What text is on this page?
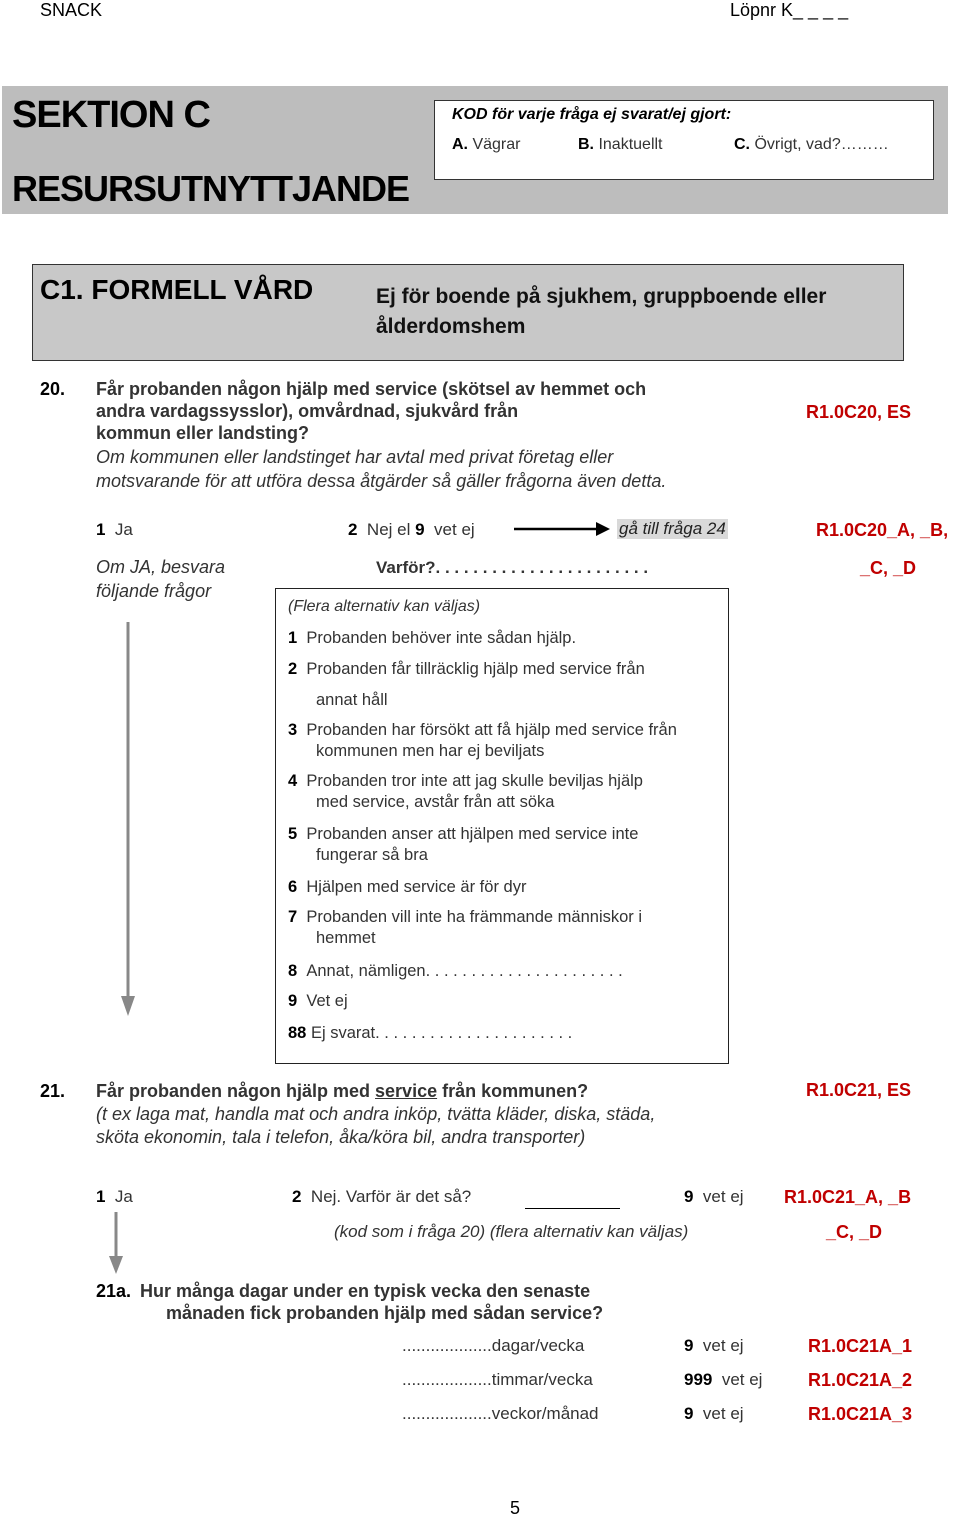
SNACK	Löpnr K_ _ _ _
SEKTION C
RESURSUTNYTTJANDE
KOD för varje fråga ej svarat/ej gjort:
A. Vägrar	B. Inaktuellt	C. Övrigt, vad?………
C1. FORMELL VÅRD	Ej för boende på sjukhem, gruppboende eller ålderdomshem
20. Får probanden någon hjälp med service (skötsel av hemmet och
andra vardagssysslor), omvårdnad, sjukvård från
kommun eller landsting?
Om kommunen eller landstinget har avtal med privat företag eller
motsvarande för att utföra dessa åtgärder så gäller frågorna även detta.
R1.0C20, ES
1 Ja	2 Nej el 9 vet ej	gå till fråga 24	R1.0C20_A, _B,
_C, _D
Om JA, besvara
följande frågor
Varför?. . . . . . . . . . . . . . . . . . . . . . .
(Flera alternativ kan väljas)
1 Probanden behöver inte sådan hjälp.
2 Probanden får tillräcklig hjälp med service från
annat håll
3 Probanden har försökt att få hjälp med service från
kommunen men har ej beviljats
4 Probanden tror inte att jag skulle beviljas hjälp
med service, avstår från att söka
5 Probanden anser att hjälpen med service inte
fungerar så bra
6 Hjälpen med service är för dyr
7 Probanden vill inte ha främmande människor i
hemmet
8 Annat, nämligen. . . . . . . . . . . . . . . . . . . . . .
9 Vet ej
88 Ej svarat. . . . . . . . . . . . . . . . . . . . . .
21. Får probanden någon hjälp med service från kommunen?
(t ex laga mat, handla mat och andra inköp, tvätta kläder, diska, städa,
sköta ekonomin, tala i telefon, åka/köra bil, andra transporter)
R1.0C21, ES
1 Ja	2 Nej. Varför är det så?	9 vet ej R1.0C21_A, _B
(kod som i fråga 20) (flera alternativ kan väljas)	_C, _D
21a. Hur många dagar under en typisk vecka den senaste
månaden fick probanden hjälp med sådan service?
...................dagar/vecka	9 vet ej	R1.0C21A_1
...................timmar/vecka	999 vet ej	R1.0C21A_2
...................veckor/månad	9 vet ej	R1.0C21A_3
5
